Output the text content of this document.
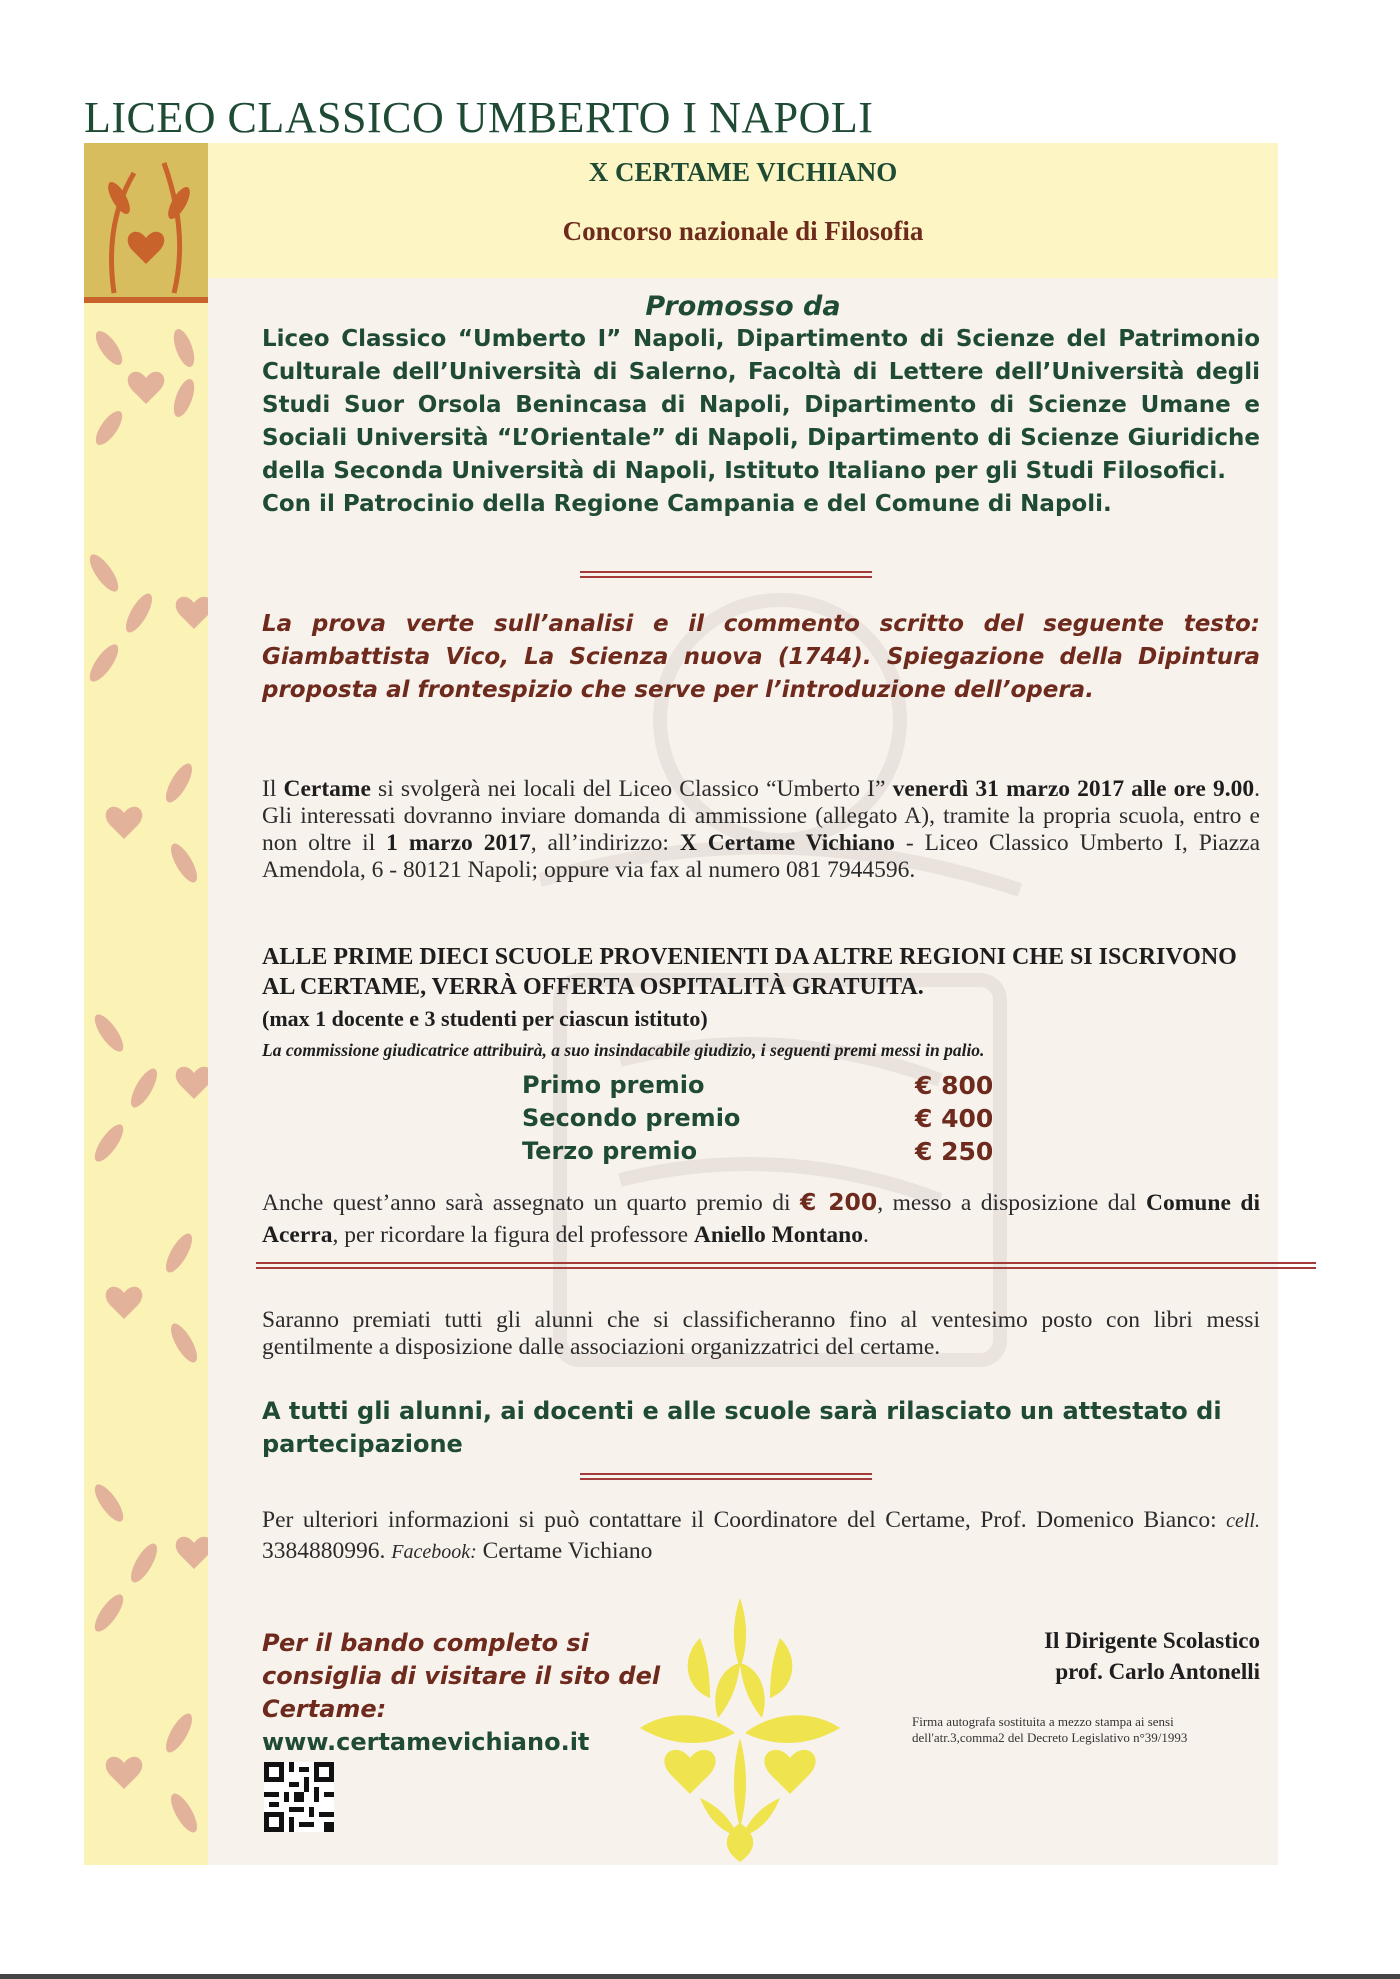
LICEO CLASSICO UMBERTO I NAPOLI
X CERTAME VICHIANO
Concorso nazionale di Filosofia
Promosso da
Liceo Classico “Umberto I” Napoli, Dipartimento di Scienze del Patrimonio Culturale dell’Università di Salerno, Facoltà di Lettere dell’Università degli Studi Suor Orsola Benincasa di Napoli, Dipartimento di Scienze Umane e Sociali Università “L’Orientale” di Napoli, Dipartimento di Scienze Giuridiche della Seconda Università di Napoli, Istituto Italiano per gli Studi Filosofici.
Con il Patrocinio della Regione Campania e del Comune di Napoli.
La prova verte sull’analisi e il commento scritto del seguente testo: Giambattista Vico, La Scienza nuova (1744). Spiegazione della Dipintura proposta al frontespizio che serve per l’introduzione dell’opera.
Il Certame si svolgerà nei locali del Liceo Classico “Umberto I” venerdì 31 marzo 2017 alle ore 9.00. Gli interessati dovranno inviare domanda di ammissione (allegato A), tramite la propria scuola, entro e non oltre il 1 marzo 2017, all’indirizzo: X Certame Vichiano - Liceo Classico Umberto I, Piazza Amendola, 6 - 80121 Napoli; oppure via fax al numero 081 7944596.
ALLE PRIME DIECI SCUOLE PROVENIENTI DA ALTRE REGIONI CHE SI ISCRIVONO AL CERTAME, VERRÀ OFFERTA OSPITALITÀ GRATUITA.
(max 1 docente e 3 studenti per ciascun istituto)
La commissione giudicatrice attribuirà, a suo insindacabile giudizio, i seguenti premi messi in palio.
Primo premio	€ 800
Secondo premio	€ 400
Terzo premio	€ 250
Anche quest’anno sarà assegnato un quarto premio di € 200, messo a disposizione dal Comune di Acerra, per ricordare la figura del professore Aniello Montano.
Saranno premiati tutti gli alunni che si classificheranno fino al ventesimo posto con libri messi gentilmente a disposizione dalle associazioni organizzatrici del certame.
A tutti gli alunni, ai docenti e alle scuole sarà rilasciato un attestato di partecipazione
Per ulteriori informazioni si può contattare il Coordinatore del Certame, Prof. Domenico Bianco: cell. 3384880996. Facebook: Certame Vichiano
Per il bando completo si consiglia di visitare il sito del Certame:
www.certamevichiano.it
Il Dirigente Scolastico
prof. Carlo Antonelli
Firma autografa sostituita a mezzo stampa ai sensi dell'atr.3,comma2 del Decreto Legislativo n°39/1993
